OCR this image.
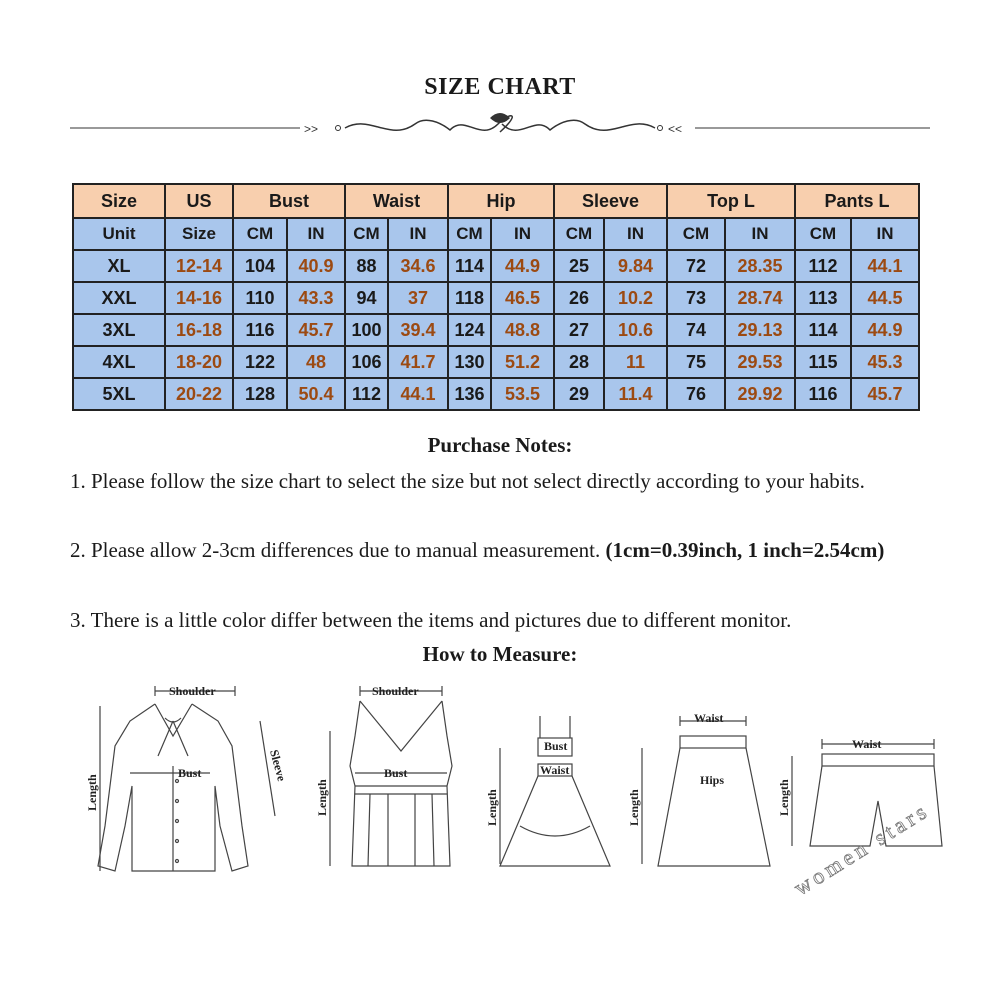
SIZE CHART
>>	<<
Size	US	Bust		Waist		Hip		Sleeve		Top L		Pants L	
Unit	Size	CM	IN	CM	IN	CM	IN	CM	IN	CM	IN	CM	IN
XL	12-14	104	40.9	88	34.6	114	44.9	25	9.84	72	28.35	112	44.1
XXL	14-16	110	43.3	94	37	118	46.5	26	10.2	73	28.74	113	44.5
3XL	16-18	116	45.7	100	39.4	124	48.8	27	10.6	74	29.13	114	44.9
4XL	18-20	122	48	106	41.7	130	51.2	28	11	75	29.53	115	45.3
5XL	20-22	128	50.4	112	44.1	136	53.5	29	11.4	76	29.92	116	45.7
Purchase Notes:
1. Please follow the size chart to select the size but not select directly according to your habits.
2. Please allow 2-3cm differences due to manual measurement. (1cm=0.39inch, 1 inch=2.54cm)
3. There is a little color differ between the items and pictures due to different monitor.
How to Measure:
Shoulder
Bust
Length
Sleeve
Shoulder
Bust
Length
Bust
Waist
Length
Waist
Hips
Length
Waist
Length
women stars
